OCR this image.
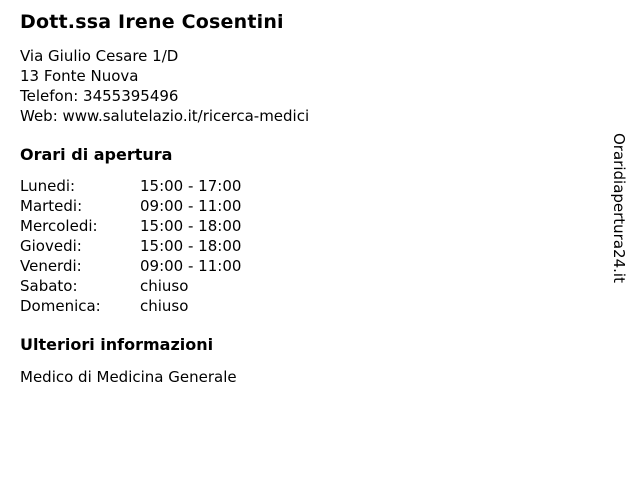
Dott.ssa Irene Cosentini
Via Giulio Cesare 1/D
13 Fonte Nuova
Telefon: 3455395496
Web: www.salutelazio.it/ricerca-medici
Orari di apertura
Lunedi:	15:00 - 17:00
Martedi:	09:00 - 11:00
Mercoledi:	15:00 - 18:00
Giovedi:	15:00 - 18:00
Venerdi:	09:00 - 11:00
Sabato:	chiuso
Domenica:	chiuso
Ulteriori informazioni
Medico di Medicina Generale
Oraridiapertura24.it
